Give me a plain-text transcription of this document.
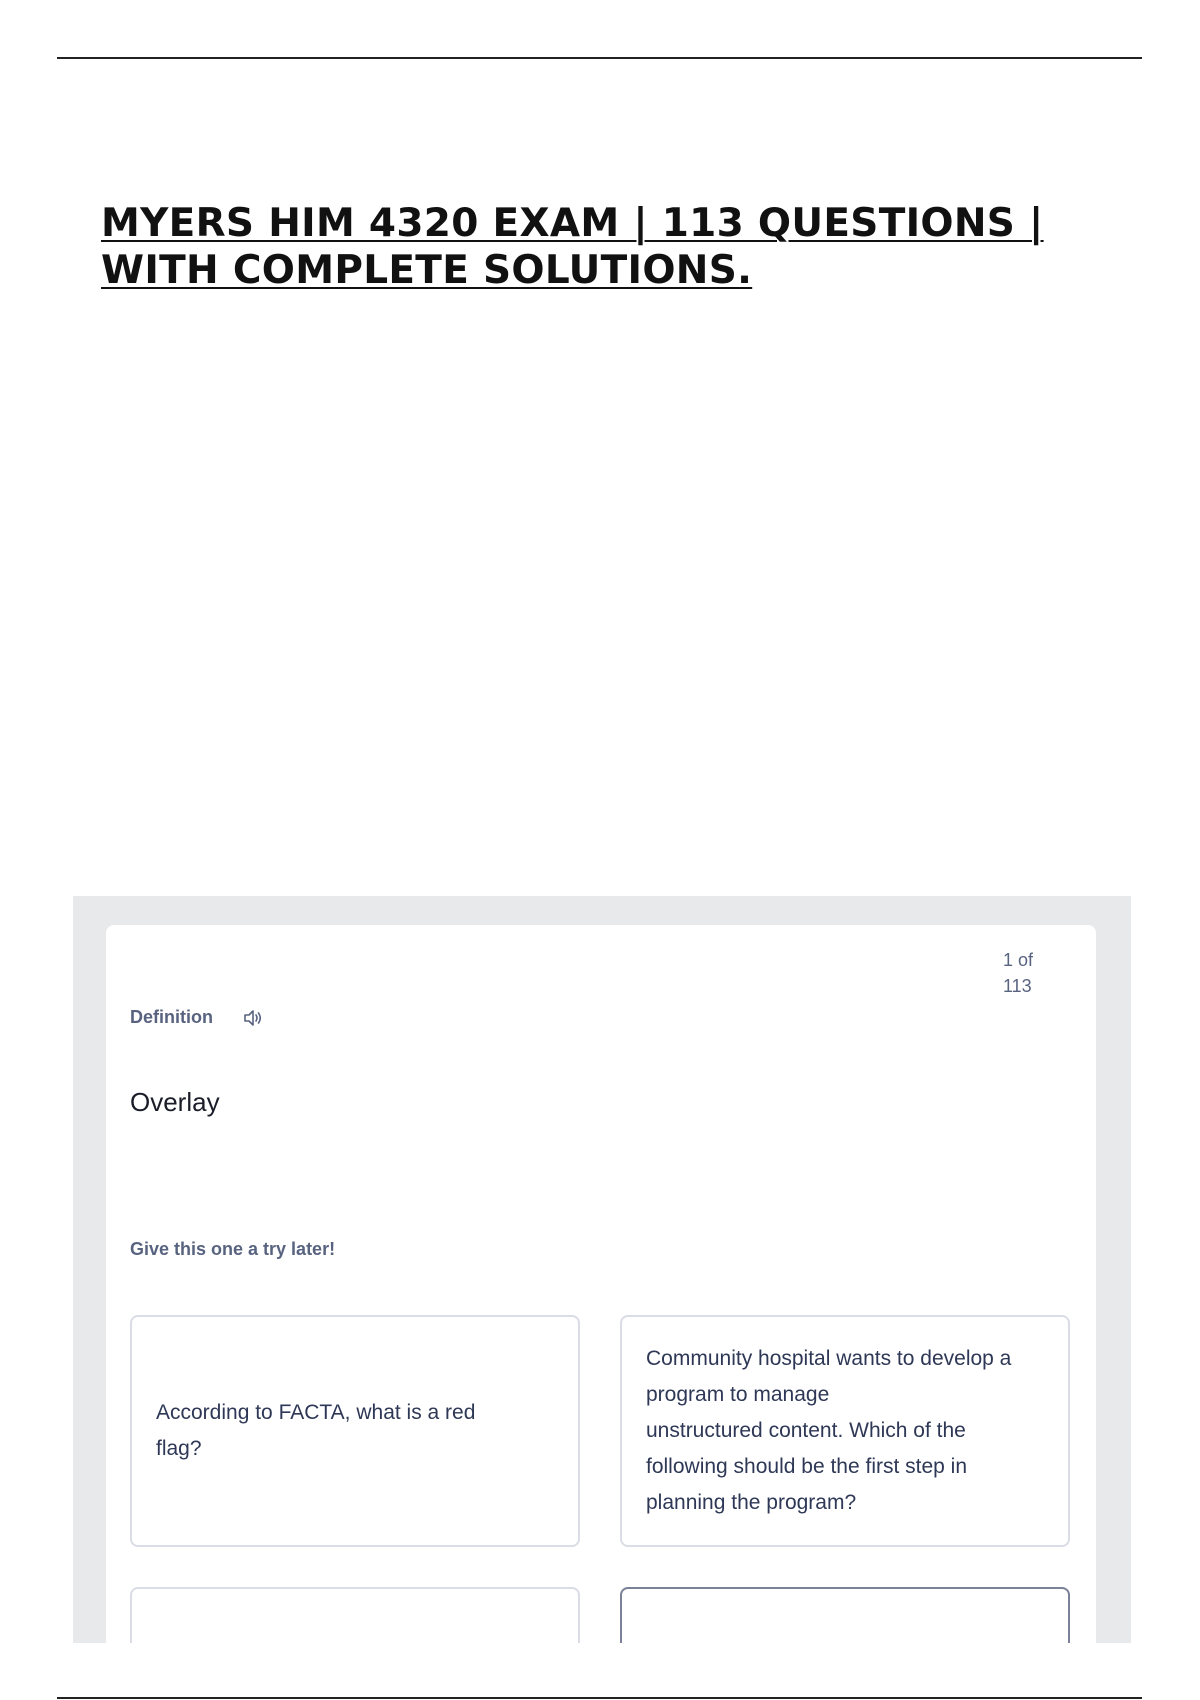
MYERS HIM 4320 EXAM | 113 QUESTIONS | WITH COMPLETE SOLUTIONS.
1 of
113
Definition
Overlay
Give this one a try later!
According to FACTA, what is a red
flag?
Community hospital wants to develop a
program to manage
unstructured content. Which of the
following should be the first step in
planning the program?
